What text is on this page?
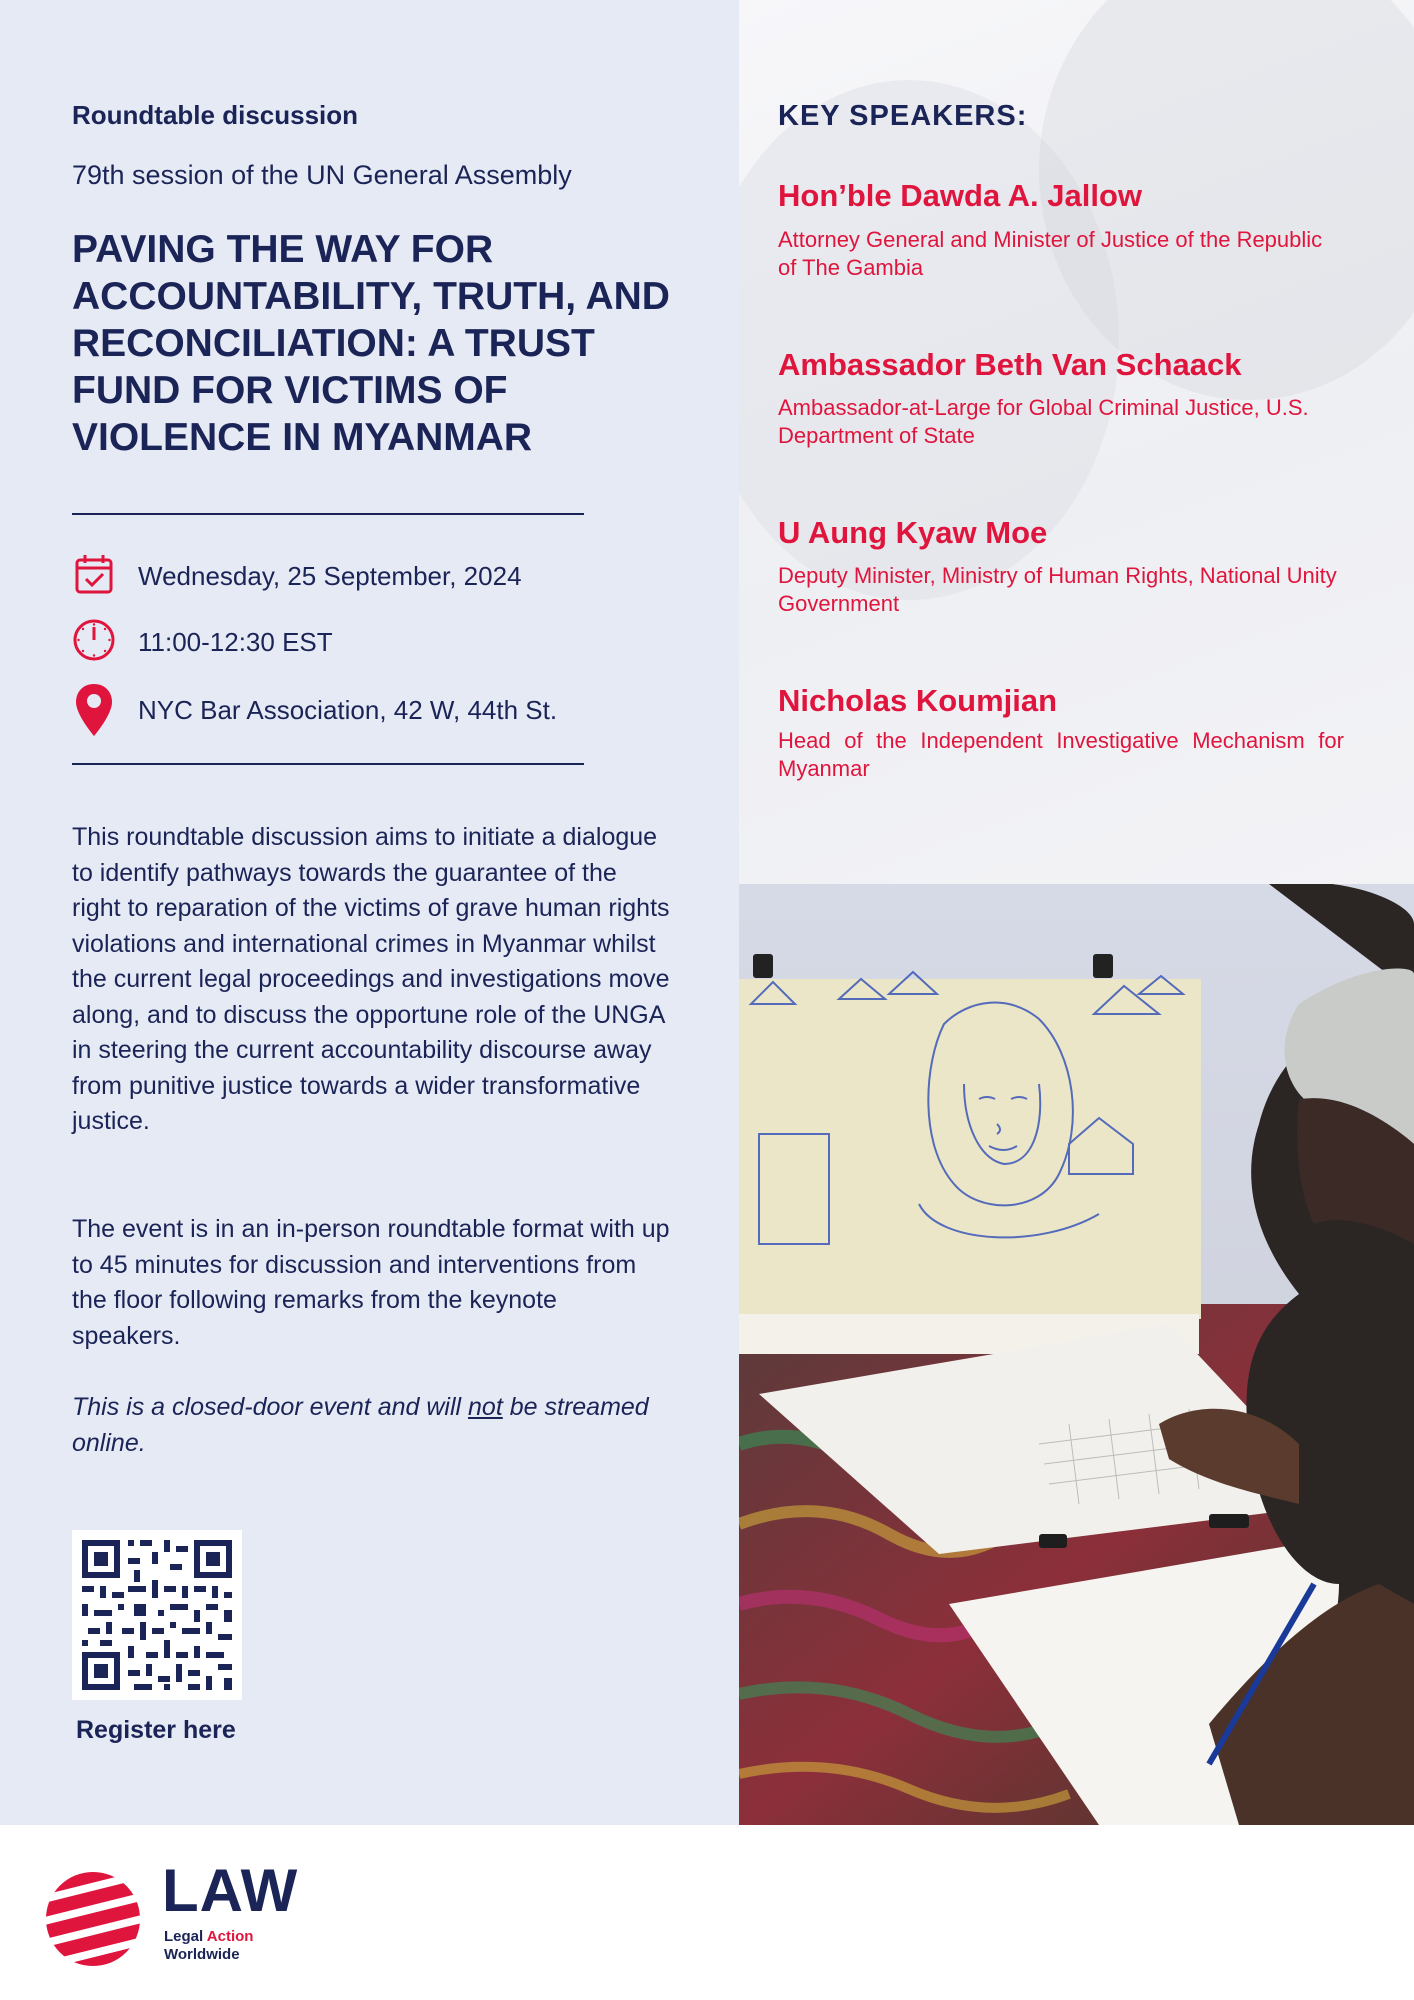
Roundtable discussion
79th session of the UN General Assembly
PAVING THE WAY FOR ACCOUNTABILITY, TRUTH, AND RECONCILIATION: A TRUST FUND FOR VICTIMS OF VIOLENCE IN MYANMAR
Wednesday, 25 September, 2024
11:00-12:30 EST
NYC Bar Association, 42 W, 44th St.

This roundtable discussion aims to initiate a dialogue to identify pathways towards the guarantee of the right to reparation of the victims of grave human rights violations and international crimes in Myanmar whilst the current legal proceedings and investigations move along, and to discuss the opportune role of the UNGA in steering the current accountability discourse away from punitive justice towards a wider transformative justice.

The event is in an in-person roundtable format with up to 45 minutes for discussion and interventions from the floor following remarks from the keynote speakers.

This is a closed-door event and will not be streamed online.

Register here
KEY SPEAKERS:
Hon’ble Dawda A. Jallow

Attorney General and Minister of Justice of the Republic of The Gambia

Ambassador Beth Van Schaack

Ambassador-at-Large for Global Criminal Justice, U.S. Department of State

U Aung Kyaw Moe

Deputy Minister, Ministry of Human Rights, National Unity Government

Nicholas Koumjian

Head of the Independent Investigative Mechanism for Myanmar

LAW
Legal Action
Worldwide
